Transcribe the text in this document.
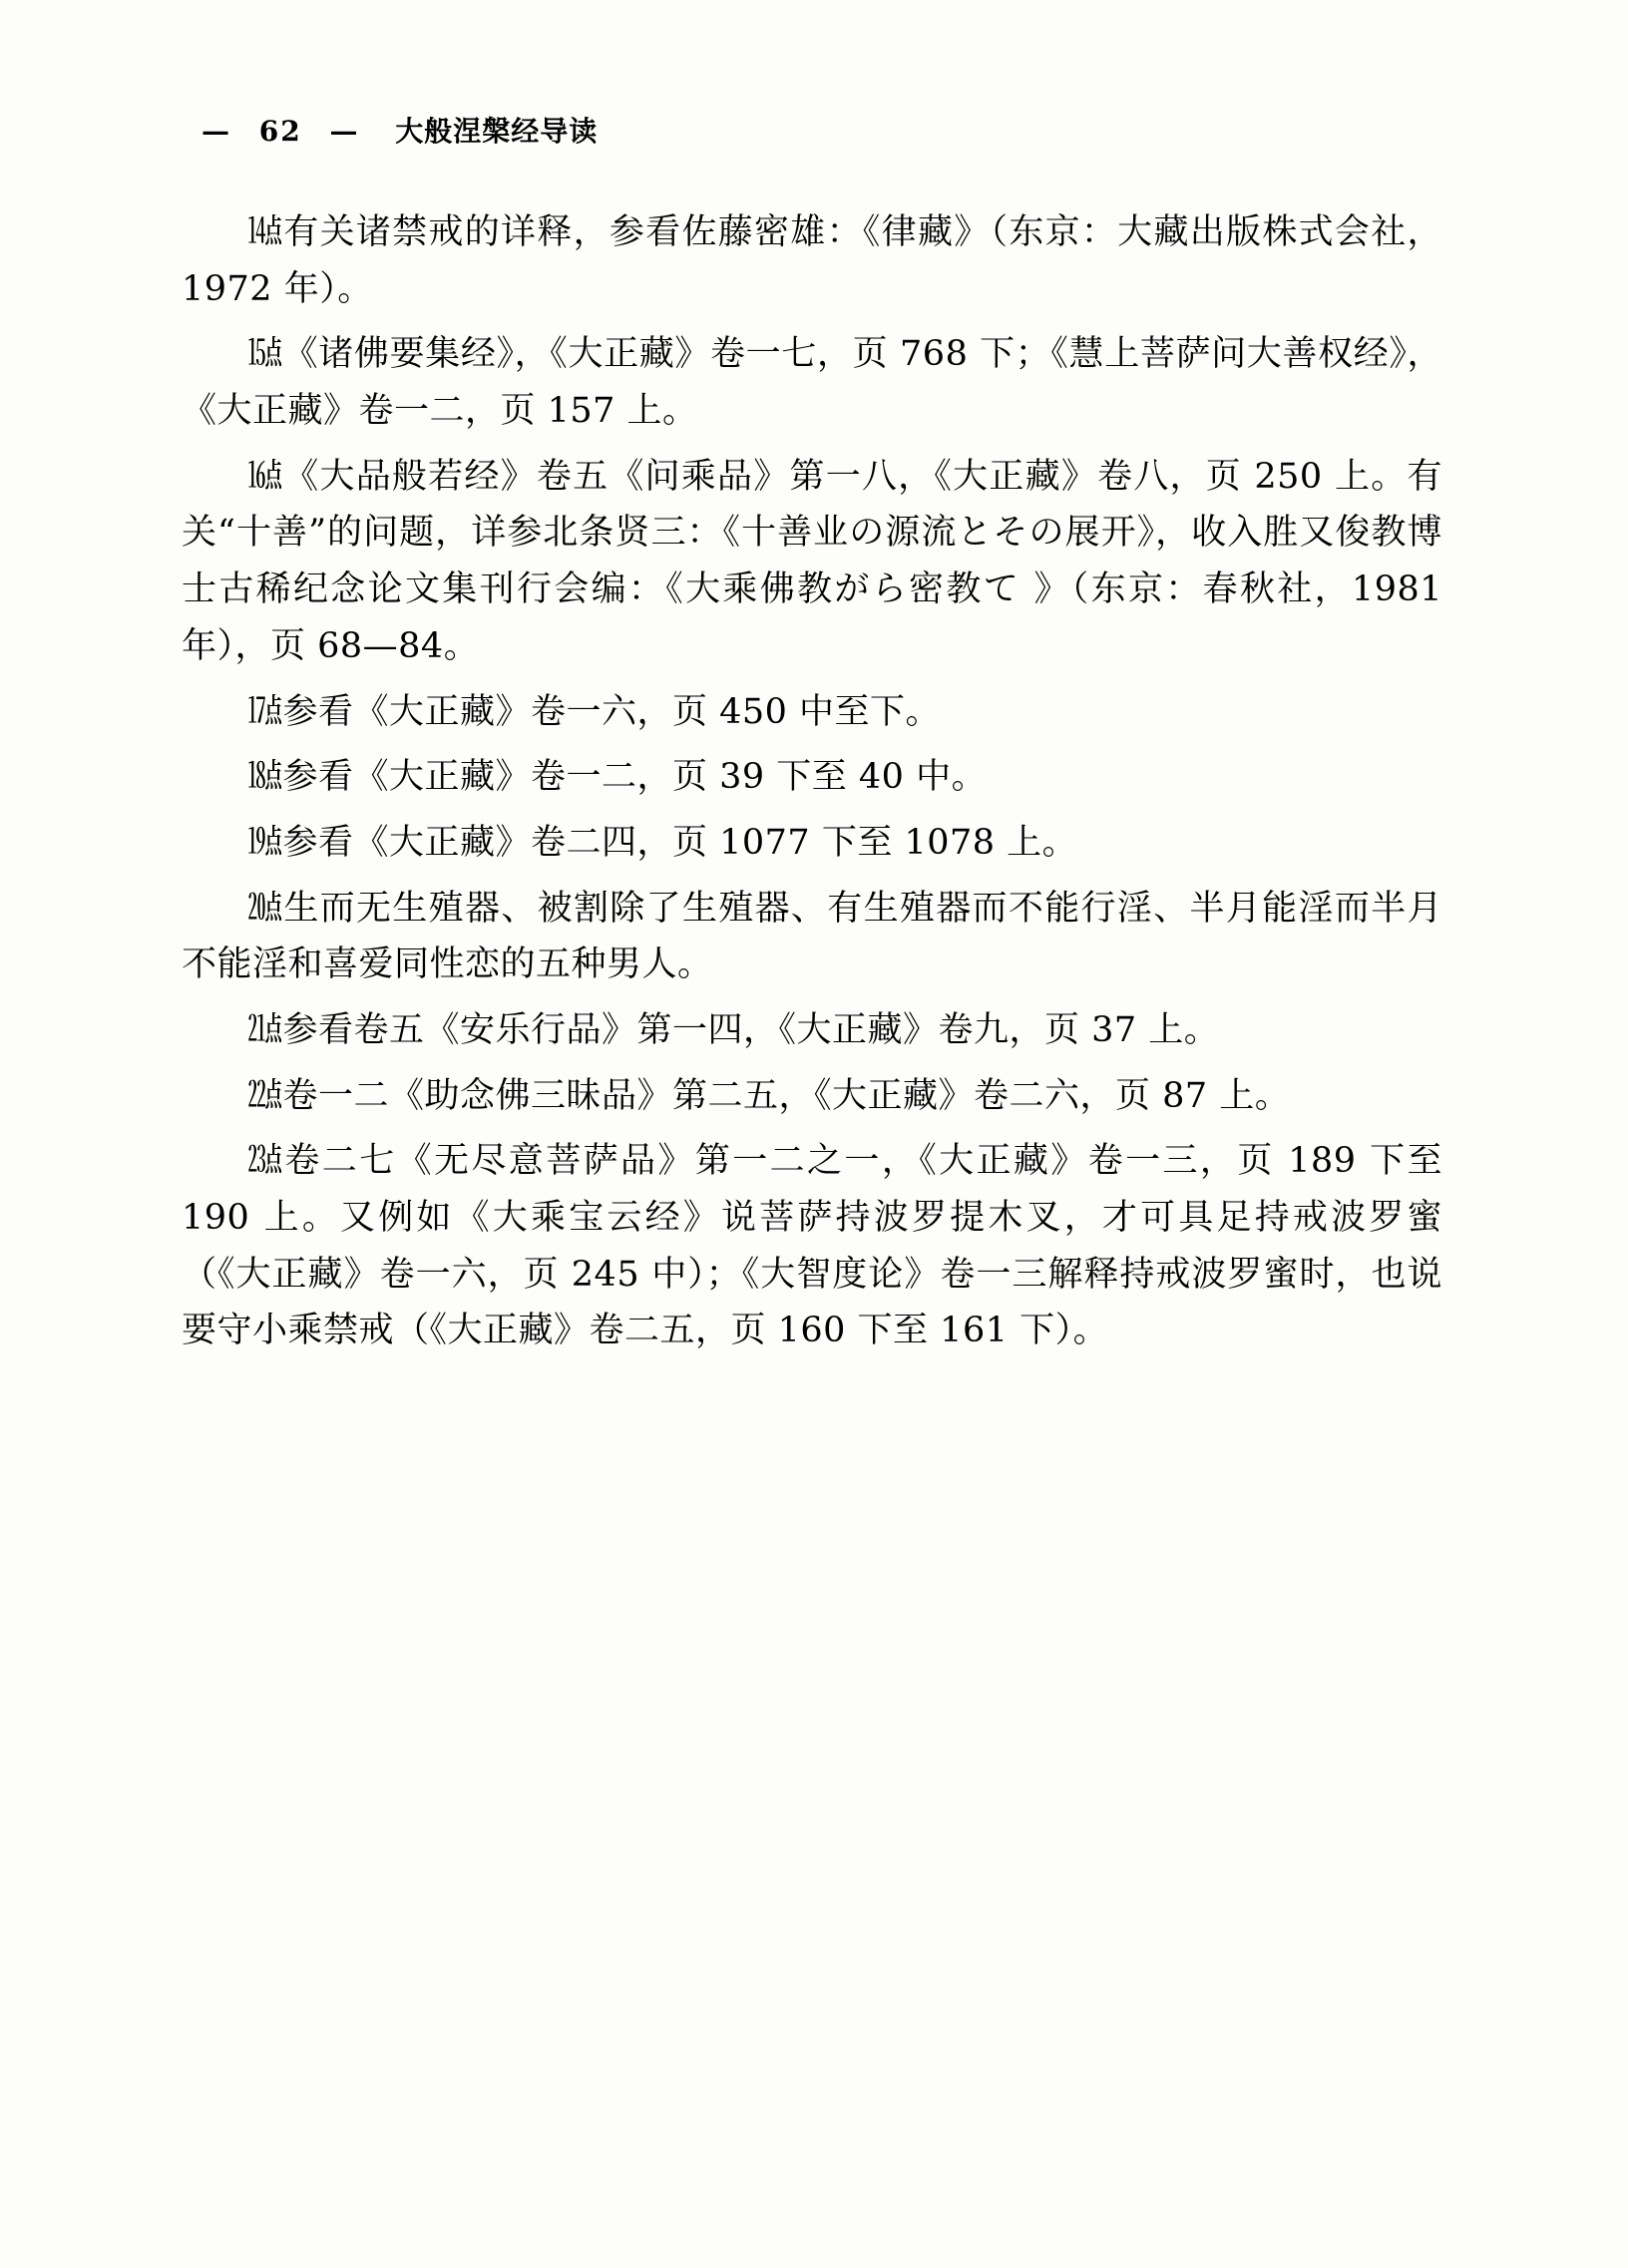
— 62 — 大般涅槃经导读

㍦有关诸禁戒的详释，参看佐藤密雄：《律藏》（东京：大藏出版株式会社，1972 年）。

㍧《诸佛要集经》，《大正藏》卷一七，页 768 下；《慧上菩萨问大善权经》，《大正藏》卷一二，页 157 上。

㍨《大品般若经》卷五《问乘品》第一八，《大正藏》卷八，页 250 上。有关“十善”的问题，详参北条贤三：《十善业の源流とその展开》，收入胜又俊教博士古稀纪念论文集刊行会编：《大乘佛教がら密教て 》（东京：春秋社，1981 年），页 68—84。

㍩参看《大正藏》卷一六，页 450 中至下。

㍪参看《大正藏》卷一二，页 39 下至 40 中。

㍫参看《大正藏》卷二四，页 1077 下至 1078 上。

㍬生而无生殖器、被割除了生殖器、有生殖器而不能行淫、半月能淫而半月不能淫和喜爱同性恋的五种男人。

㍭参看卷五《安乐行品》第一四，《大正藏》卷九，页 37 上。

㍮卷一二《助念佛三昧品》第二五，《大正藏》卷二六，页 87 上。

㍯卷二七《无尽意菩萨品》第一二之一，《大正藏》卷一三，页 189 下至 190 上。又例如《大乘宝云经》说菩萨持波罗提木叉，才可具足持戒波罗蜜（《大正藏》卷一六，页 245 中）；《大智度论》卷一三解释持戒波罗蜜时，也说要守小乘禁戒（《大正藏》卷二五，页 160 下至 161 下）。
